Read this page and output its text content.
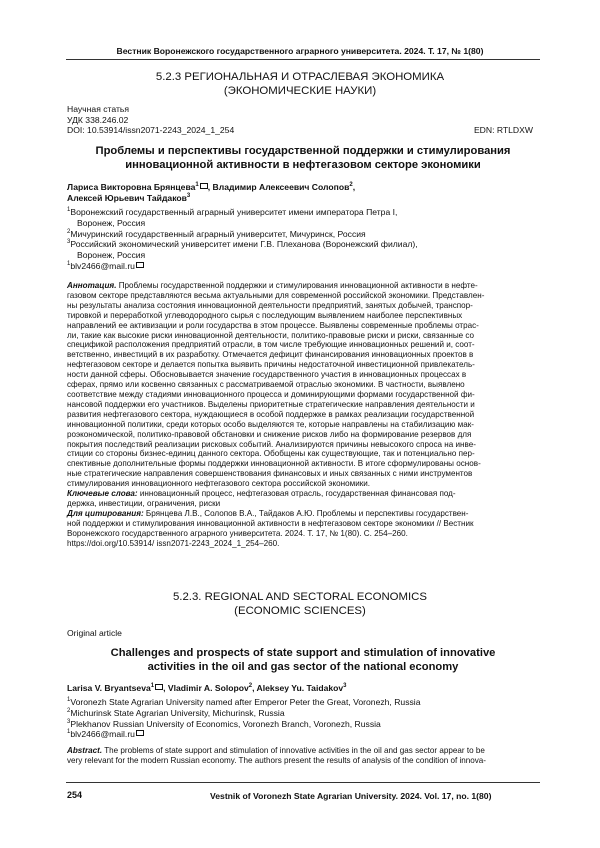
Вестник Воронежского государственного аграрного университета. 2024. Т. 17, № 1(80)
5.2.3 РЕГИОНАЛЬНАЯ И ОТРАСЛЕВАЯ ЭКОНОМИКА
(ЭКОНОМИЧЕСКИЕ НАУКИ)
Научная статья
УДК 338.246.02
DOI: 10.53914/issn2071-2243_2024_1_254	EDN: RTLDXW
Проблемы и перспективы государственной поддержки и стимулирования
инновационной активности в нефтегазовом секторе экономики
Лариса Викторовна Брянцева$^1$ , Владимир Алексеевич Солопов$^2$,
Алексей Юрьевич Тайдаков$^3$
$^1$Воронежский государственный аграрный университет имени императора Петра I,
Воронеж, Россия
$^2$Мичуринский государственный аграрный университет, Мичуринск, Россия
$^3$Российский экономический университет имени Г.В. Плеханова (Воронежский филиал),
Воронеж, Россия
$^1$blv2466@mail.ru
Аннотация. Проблемы государственной поддержки и стимулирования инновационной активности в нефте-
газовом секторе представляются весьма актуальными для современной российской экономики. Представлен-
ны результаты анализа состояния инновационной деятельности предприятий, занятых добычей, транспор-
тировкой и переработкой углеводородного сырья с последующим выявлением наиболее перспективных
направлений ее активизации и роли государства в этом процессе. Выявлены современные проблемы отрас-
ли, такие как высокие риски инновационной деятельности, политико-правовые риски и риски, связанные со
спецификой расположения предприятий отрасли, в том числе требующие инновационных решений и, соот-
ветственно, инвестиций в их разработку. Отмечается дефицит финансирования инновационных проектов в
нефтегазовом секторе и делается попытка выявить причины недостаточной инвестиционной привлекатель-
ности данной сферы. Обосновывается значение государственного участия в инновационных процессах в
сферах, прямо или косвенно связанных с рассматриваемой отраслью экономики. В частности, выявлено
соответствие между стадиями инновационного процесса и доминирующими формами государственной фи-
нансовой поддержки его участников. Выделены приоритетные стратегические направления деятельности и
развития нефтегазового сектора, нуждающиеся в особой поддержке в рамках реализации государственной
инновационной политики, среди которых особо выделяются те, которые направлены на стабилизацию мак-
роэкономической, политико-правовой обстановки и снижение рисков либо на формирование резервов для
покрытия последствий реализации рисковых событий. Анализируются причины невысокого спроса на инве-
стиции со стороны бизнес-единиц данного сектора. Обобщены как существующие, так и потенциально пер-
спективные дополнительные формы поддержки инновационной активности. В итоге сформулированы основ-
ные стратегические направления совершенствования финансовых и иных связанных с ними инструментов
стимулирования инновационного нефтегазового сектора российской экономики.
Ключевые слова: инновационный процесс, нефтегазовая отрасль, государственная финансовая под-
держка, инвестиции, ограничения, риски
Для цитирования: Брянцева Л.В., Солопов В.А., Тайдаков А.Ю. Проблемы и перспективы государствен-
ной поддержки и стимулирования инновационной активности в нефтегазовом секторе экономики // Вестник
Воронежского государственного аграрного университета. 2024. Т. 17, № 1(80). С. 254–260.
https://doi.org/10.53914/ issn2071-2243_2024_1_254–260.
5.2.3. REGIONAL AND SECTORAL ECONOMICS
(ECONOMIC SCIENCES)
Original article
Challenges and prospects of state support and stimulation of innovative
activities in the oil and gas sector of the national economy
Larisa V. Bryantseva$^1$ , Vladimir A. Solopov$^2$, Aleksey Yu. Taidakov$^3$
$^1$Voronezh State Agrarian University named after Emperor Peter the Great, Voronezh, Russia
$^2$Michurinsk State Agrarian University, Michurinsk, Russia
$^3$Plekhanov Russian University of Economics, Voronezh Branch, Voronezh, Russia
$^1$blv2466@mail.ru
Abstract. The problems of state support and stimulation of innovative activities in the oil and gas sector appear to be
very relevant for the modern Russian economy. The authors present the results of analysis of the condition of innova-
254	Vestnik of Voronezh State Agrarian University. 2024. Vol. 17, no. 1(80)
